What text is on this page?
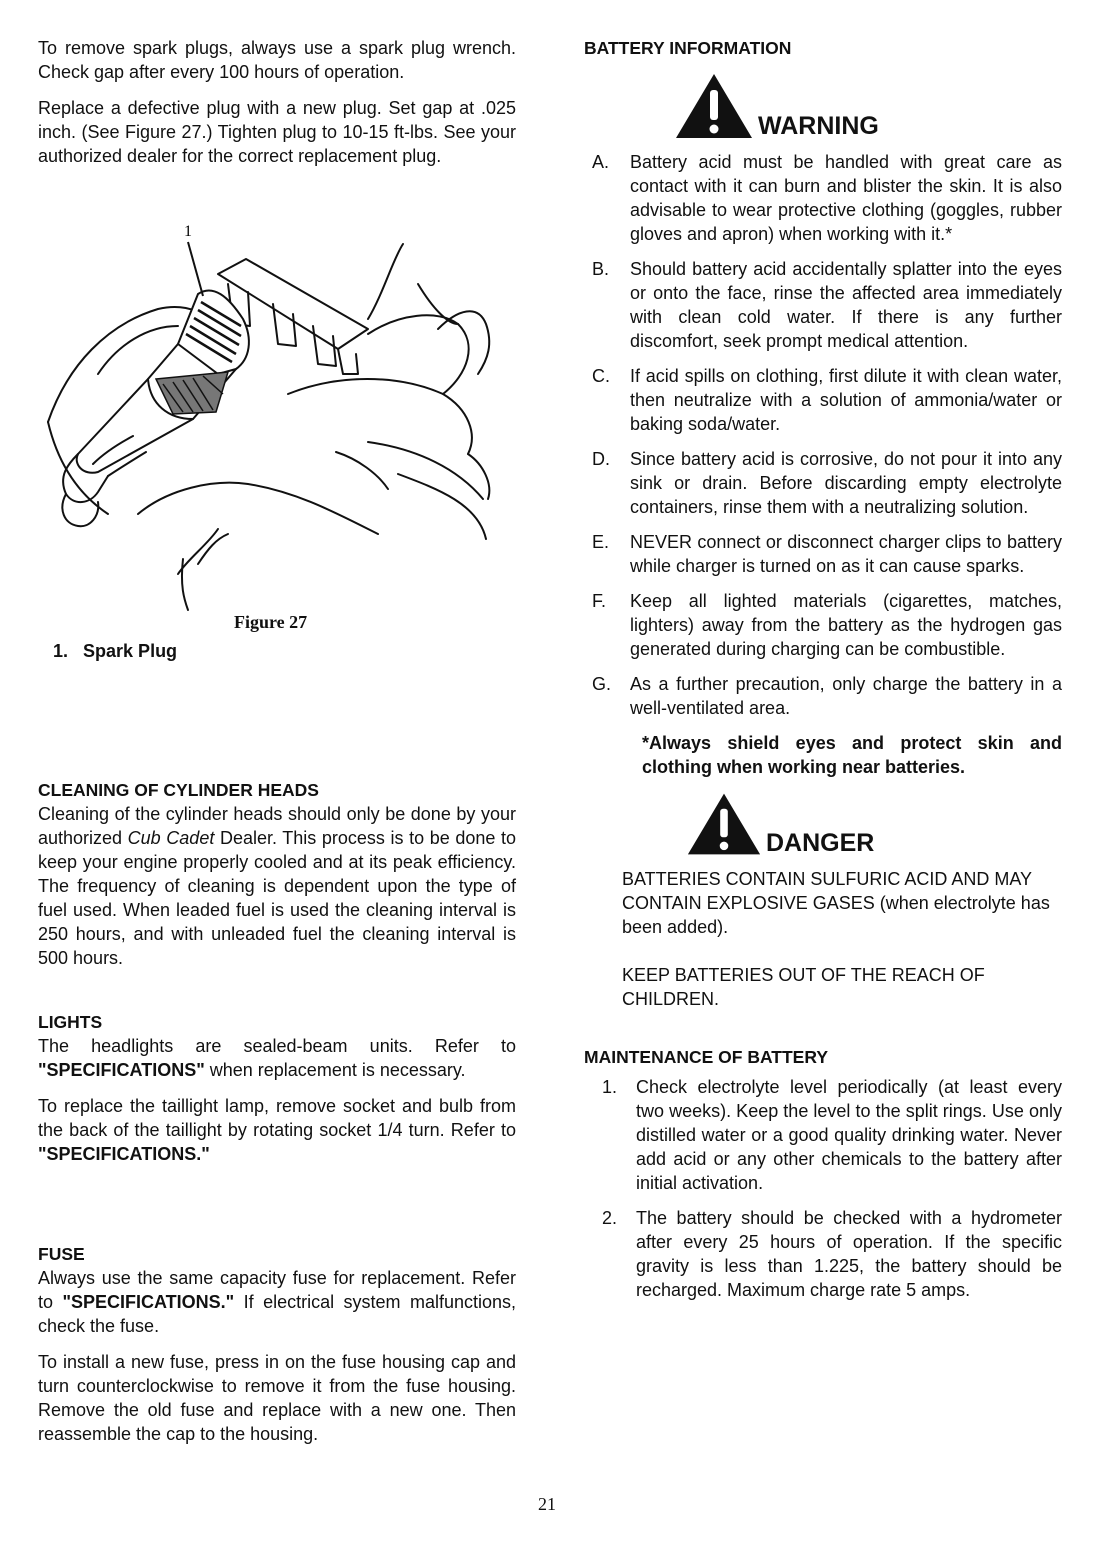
To remove spark plugs, always use a spark plug wrench. Check gap after every 100 hours of operation.

Replace a defective plug with a new plug. Set gap at .025 inch. (See Figure 27.) Tighten plug to 10-15 ft-lbs. See your authorized dealer for the correct replacement plug.

1
Figure 27
1. Spark Plug
CLEANING OF CYLINDER HEADS

Cleaning of the cylinder heads should only be done by your authorized Cub Cadet Dealer. This process is to be done to keep your engine properly cooled and at its peak efficiency. The frequency of cleaning is dependent upon the type of fuel used. When leaded fuel is used the cleaning interval is 250 hours, and with unleaded fuel the cleaning interval is 500 hours.

LIGHTS

The headlights are sealed-beam units. Refer to "SPECIFICATIONS" when replacement is necessary.

To replace the taillight lamp, remove socket and bulb from the back of the taillight by rotating socket 1/4 turn. Refer to "SPECIFICATIONS."

FUSE

Always use the same capacity fuse for replacement. Refer to "SPECIFICATIONS." If electrical system malfunctions, check the fuse.

To install a new fuse, press in on the fuse housing cap and turn counterclockwise to remove it from the fuse housing. Remove the old fuse and replace with a new one. Then reassemble the cap to the housing.

BATTERY INFORMATION
WARNING
A. Battery acid must be handled with great care as contact with it can burn and blister the skin. It is also advisable to wear protective clothing (goggles, rubber gloves and apron) when working with it.*

B. Should battery acid accidentally splatter into the eyes or onto the face, rinse the affected area immediately with clean cold water. If there is any further discomfort, seek prompt medical attention.

C. If acid spills on clothing, first dilute it with clean water, then neutralize with a solution of ammonia/water or baking soda/water.

D. Since battery acid is corrosive, do not pour it into any sink or drain. Before discarding empty electrolyte containers, rinse them with a neutralizing solution.

E. NEVER connect or disconnect charger clips to battery while charger is turned on as it can cause sparks.

F. Keep all lighted materials (cigarettes, matches, lighters) away from the battery as the hydrogen gas generated during charging can be combustible.

G. As a further precaution, only charge the battery in a well-ventilated area.

*Always shield eyes and protect skin and clothing when working near batteries.

DANGER

BATTERIES CONTAIN SULFURIC ACID AND MAY CONTAIN EXPLOSIVE GASES (when electrolyte has been added).

KEEP BATTERIES OUT OF THE REACH OF CHILDREN.

MAINTENANCE OF BATTERY
1. Check electrolyte level periodically (at least every two weeks). Keep the level to the split rings. Use only distilled water or a good quality drinking water. Never add acid or any other chemicals to the battery after initial activation.

2. The battery should be checked with a hydrometer after every 25 hours of operation. If the specific gravity is less than 1.225, the battery should be recharged. Maximum charge rate 5 amps.

21
